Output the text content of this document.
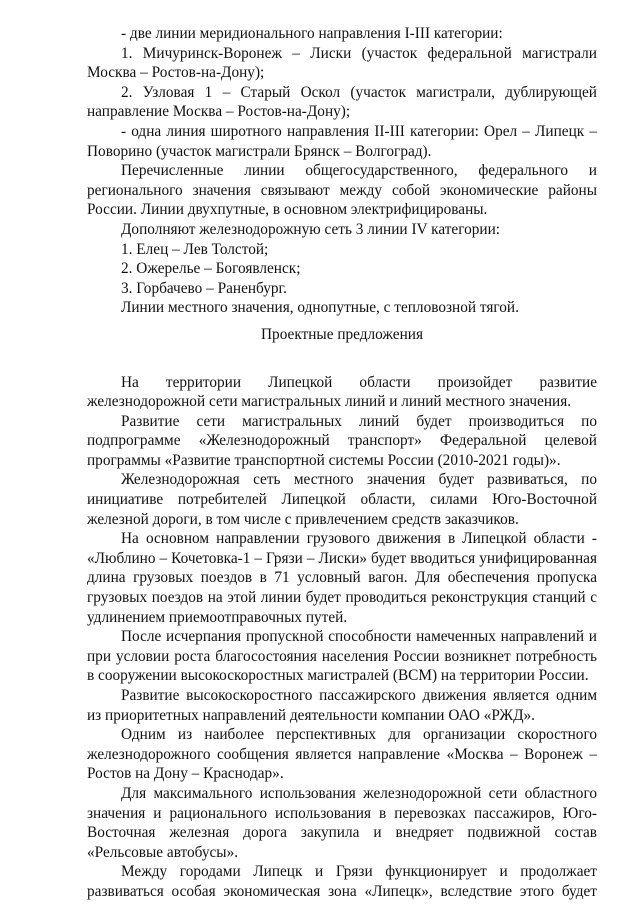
- две линии меридионального направления I-III категории:

1. Мичуринск-Воронеж – Лиски (участок федеральной магистрали Москва – Ростов-на-Дону);

2. Узловая 1 – Старый Оскол (участок магистрали, дублирующей направление Москва – Ростов-на-Дону);

- одна линия широтного направления II-III категории: Орел – Липецк – Поворино (участок магистрали Брянск – Волгоград).

Перечисленные линии общегосударственного, федерального и регионального значения связывают между собой экономические районы России. Линии двухпутные, в основном электрифицированы.

Дополняют железнодорожную сеть 3 линии IV категории:

1. Елец – Лев Толстой;

2. Ожерелье – Богоявленск;

3. Горбачево – Раненбург.

Линии местного значения, однопутные, с тепловозной тягой.

Проектные предложения

На территории Липецкой области произойдет развитие железнодорожной сети магистральных линий и линий местного значения.

Развитие сети магистральных линий будет производиться по подпрограмме «Железнодорожный транспорт» Федеральной целевой программы «Развитие транспортной системы России (2010-2021 годы)».

Железнодорожная сеть местного значения будет развиваться, по инициативе потребителей Липецкой области, силами Юго-Восточной железной дороги, в том числе с привлечением средств заказчиков.

На основном направлении грузового движения в Липецкой области - «Люблино – Кочетовка-1 – Грязи – Лиски» будет вводиться унифицированная длина грузовых поездов в 71 условный вагон. Для обеспечения пропуска грузовых поездов на этой линии будет проводиться реконструкция станций с удлинением приемоотправочных путей.

После исчерпания пропускной способности намеченных направлений и при условии роста благосостояния населения России возникнет потребность в сооружении высокоскоростных магистралей (ВСМ) на территории России.

Развитие высокоскоростного пассажирского движения является одним из приоритетных направлений деятельности компании ОАО «РЖД».

Одним из наиболее перспективных для организации скоростного железнодорожного сообщения является направление «Москва – Воронеж – Ростов на Дону – Краснодар».

Для максимального использования железнодорожной сети областного значения и рационального использования в перевозках пассажиров, Юго-Восточная железная дорога закупила и внедряет подвижной состав «Рельсовые автобусы».

Между городами Липецк и Грязи функционирует и продолжает развиваться особая экономическая зона «Липецк», вследствие этого будет
